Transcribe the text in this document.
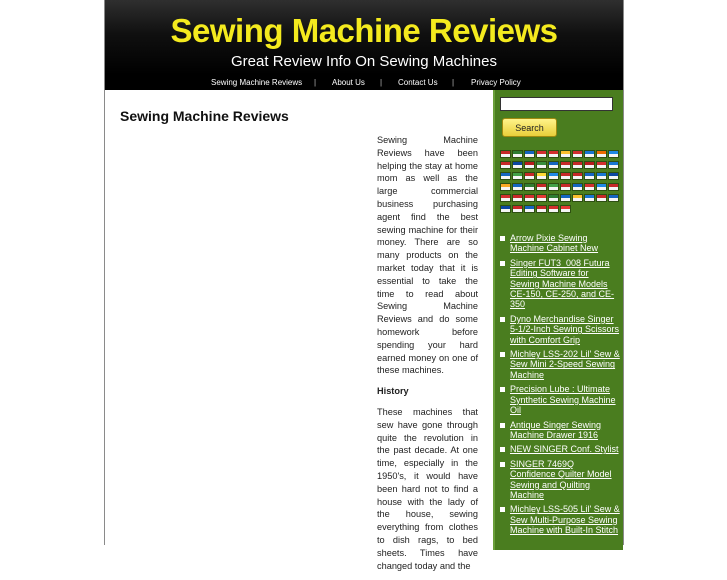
Sewing Machine Reviews
Great Review Info On Sewing Machines
Sewing Machine Reviews | About Us | Contact Us | Privacy Policy
Sewing Machine Reviews

Sewing Machine Reviews have been helping the stay at home mom as well as the large commercial business purchasing agent find the best sewing machine for their money. There are so many products on the market today that it is essential to take the time to read about Sewing Machine Reviews and do some homework before spending your hard earned money on one of these machines.

History

These machines that sew have gone through quite the revolution in the past decade. At one time, especially in the 1950's, it would have been hard not to find a house with the lady of the house, sewing everything from clothes to dish rags, to bed sheets. Times have changed today and the

Search
Arrow Pixie Sewing Machine Cabinet New
Singer FUT3_008 Futura Editing Software for Sewing Machine Models CE-150, CE-250, and CE-350
Dyno Merchandise Singer 5-1/2-Inch Sewing Scissors with Comfort Grip
Michley LSS-202 Lil' Sew & Sew Mini 2-Speed Sewing Machine
Precision Lube : Ultimate Synthetic Sewing Machine Oil
Antique Singer Sewing Machine Drawer 1916
NEW SINGER Conf. Stylist
SINGER 7469Q Confidence Quilter Model Sewing and Quilting Machine
Michley LSS-505 Lil' Sew & Sew Multi-Purpose Sewing Machine with Built-In Stitch
